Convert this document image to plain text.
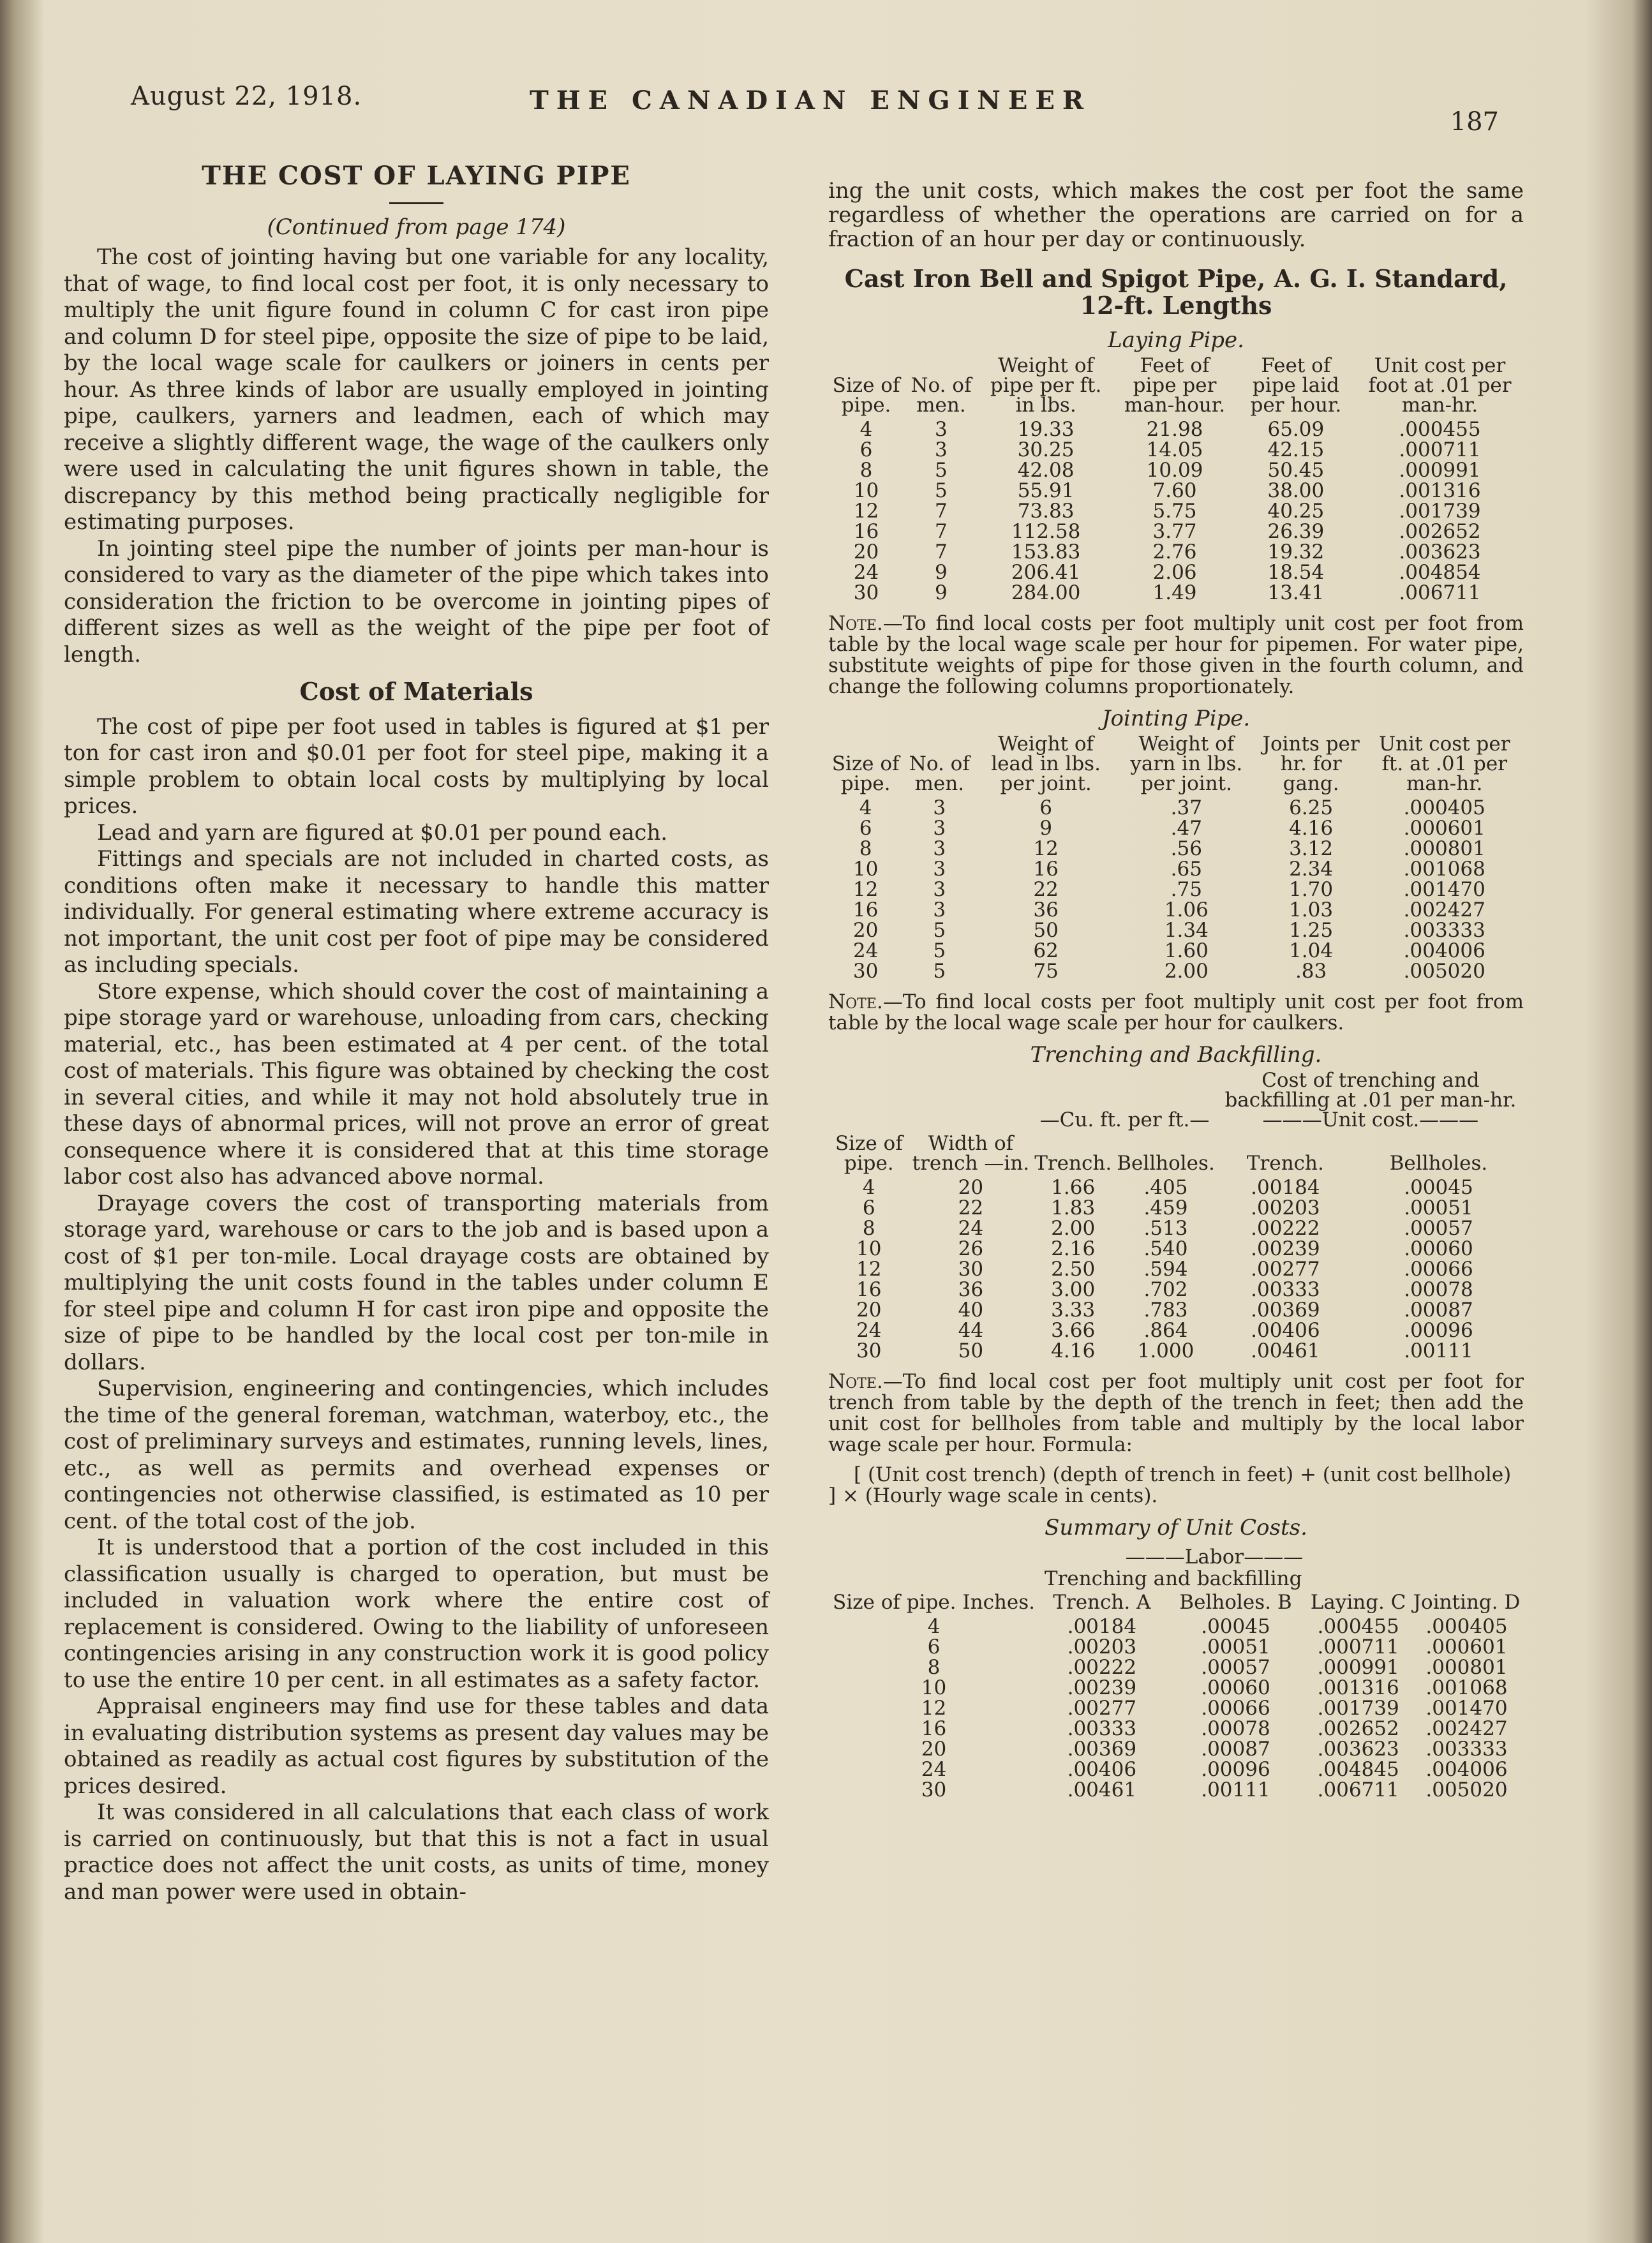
August 22, 1918.	THE CANADIAN ENGINEER
187
THE COST OF LAYING PIPE
(Continued from page 174)

The cost of jointing having but one variable for any locality, that of wage, to find local cost per foot, it is only necessary to multiply the unit figure found in column C for cast iron pipe and column D for steel pipe, opposite the size of pipe to be laid, by the local wage scale for caulkers or joiners in cents per hour. As three kinds of labor are usually employed in jointing pipe, caulkers, yarners and leadmen, each of which may receive a slightly different wage, the wage of the caulkers only were used in calculating the unit figures shown in table, the discrepancy by this method being practically negligible for estimating purposes.

In jointing steel pipe the number of joints per man-hour is considered to vary as the diameter of the pipe which takes into consideration the friction to be overcome in jointing pipes of different sizes as well as the weight of the pipe per foot of length.

Cost of Materials

The cost of pipe per foot used in tables is figured at $1 per ton for cast iron and $0.01 per foot for steel pipe, making it a simple problem to obtain local costs by multiplying by local prices.

Lead and yarn are figured at $0.01 per pound each.

Fittings and specials are not included in charted costs, as conditions often make it necessary to handle this matter individually. For general estimating where extreme accuracy is not important, the unit cost per foot of pipe may be considered as including specials.

Store expense, which should cover the cost of maintaining a pipe storage yard or warehouse, unloading from cars, checking material, etc., has been estimated at 4 per cent. of the total cost of materials. This figure was obtained by checking the cost in several cities, and while it may not hold absolutely true in these days of abnormal prices, will not prove an error of great consequence where it is considered that at this time storage labor cost also has advanced above normal.

Drayage covers the cost of transporting materials from storage yard, warehouse or cars to the job and is based upon a cost of $1 per ton-mile. Local drayage costs are obtained by multiplying the unit costs found in the tables under column E for steel pipe and column H for cast iron pipe and opposite the size of pipe to be handled by the local cost per ton-mile in dollars.

Supervision, engineering and contingencies, which includes the time of the general foreman, watchman, waterboy, etc., the cost of preliminary surveys and estimates, running levels, lines, etc., as well as permits and overhead expenses or contingencies not otherwise classified, is estimated as 10 per cent. of the total cost of the job.

It is understood that a portion of the cost included in this classification usually is charged to operation, but must be included in valuation work where the entire cost of replacement is considered. Owing to the liability of unforeseen contingencies arising in any construction work it is good policy to use the entire 10 per cent. in all estimates as a safety factor.

Appraisal engineers may find use for these tables and data in evaluating distribution systems as present day values may be obtained as readily as actual cost figures by substitution of the prices desired.

It was considered in all calculations that each class of work is carried on continuously, but that this is not a fact in usual practice does not affect the unit costs, as units of time, money and man power were used in obtain-

ing the unit costs, which makes the cost per foot the same regardless of whether the operations are carried on for a fraction of an hour per day or continuously.

Cast Iron Bell and Spigot Pipe, A. G. I. Standard, 12-ft. Lengths
Laying Pipe.
Size of pipe.	No. of men.	Weight of pipe per ft. in lbs.	Feet of pipe per man-hour.	Feet of pipe laid per hour.	Unit cost per foot at .01 per man-hr.
4	3	19.33	21.98	65.09	.000455
6	3	30.25	14.05	42.15	.000711
8	5	42.08	10.09	50.45	.000991
10	5	55.91	7.60	38.00	.001316
12	7	73.83	5.75	40.25	.001739
16	7	112.58	3.77	26.39	.002652
20	7	153.83	2.76	19.32	.003623
24	9	206.41	2.06	18.54	.004854
30	9	284.00	1.49	13.41	.006711
Note.—To find local costs per foot multiply unit cost per foot from table by the local wage scale per hour for pipemen. For water pipe, substitute weights of pipe for those given in the fourth column, and change the following columns proportionately.
Jointing Pipe.
Size of pipe.	No. of men.	Weight of lead in lbs. per joint.	Weight of yarn in lbs. per joint.	Joints per hr. for gang.	Unit cost per ft. at .01 per man-hr.
4	3	6	.37	6.25	.000405
6	3	9	.47	4.16	.000601
8	3	12	.56	3.12	.000801
10	3	16	.65	2.34	.001068
12	3	22	.75	1.70	.001470
16	3	36	1.06	1.03	.002427
20	5	50	1.34	1.25	.003333
24	5	62	1.60	1.04	.004006
30	5	75	2.00	.83	.005020
Note.—To find local costs per foot multiply unit cost per foot from table by the local wage scale per hour for caulkers.
Trenching and Backfilling.
		—Cu. ft. per ft.—		Cost of trenching and backfilling at .01 per man-hr.
———Unit cost.———	

Size of pipe.	Width of trench —in.	Trench.	Bellholes.	Trench.	Bellholes.
4	20	1.66	.405	.00184	.00045
6	22	1.83	.459	.00203	.00051
8	24	2.00	.513	.00222	.00057
10	26	2.16	.540	.00239	.00060
12	30	2.50	.594	.00277	.00066
16	36	3.00	.702	.00333	.00078
20	40	3.33	.783	.00369	.00087
24	44	3.66	.864	.00406	.00096
30	50	4.16	1.000	.00461	.00111
Note.—To find local cost per foot multiply unit cost per foot for trench from table by the depth of the trench in feet; then add the unit cost for bellholes from table and multiply by the local labor wage scale per hour. Formula:
[ (Unit cost trench) (depth of trench in feet) + (unit cost bellhole) ] × (Hourly wage scale in cents).
Summary of Unit Costs.
———Labor———
	Trenching and backfilling			
Size of pipe. Inches.	Trench. A	Belholes. B	Laying. C	Jointing. D
4	.00184	.00045	.000455	.000405
6	.00203	.00051	.000711	.000601
8	.00222	.00057	.000991	.000801
10	.00239	.00060	.001316	.001068
12	.00277	.00066	.001739	.001470
16	.00333	.00078	.002652	.002427
20	.00369	.00087	.003623	.003333
24	.00406	.00096	.004845	.004006
30	.00461	.00111	.006711	.005020
